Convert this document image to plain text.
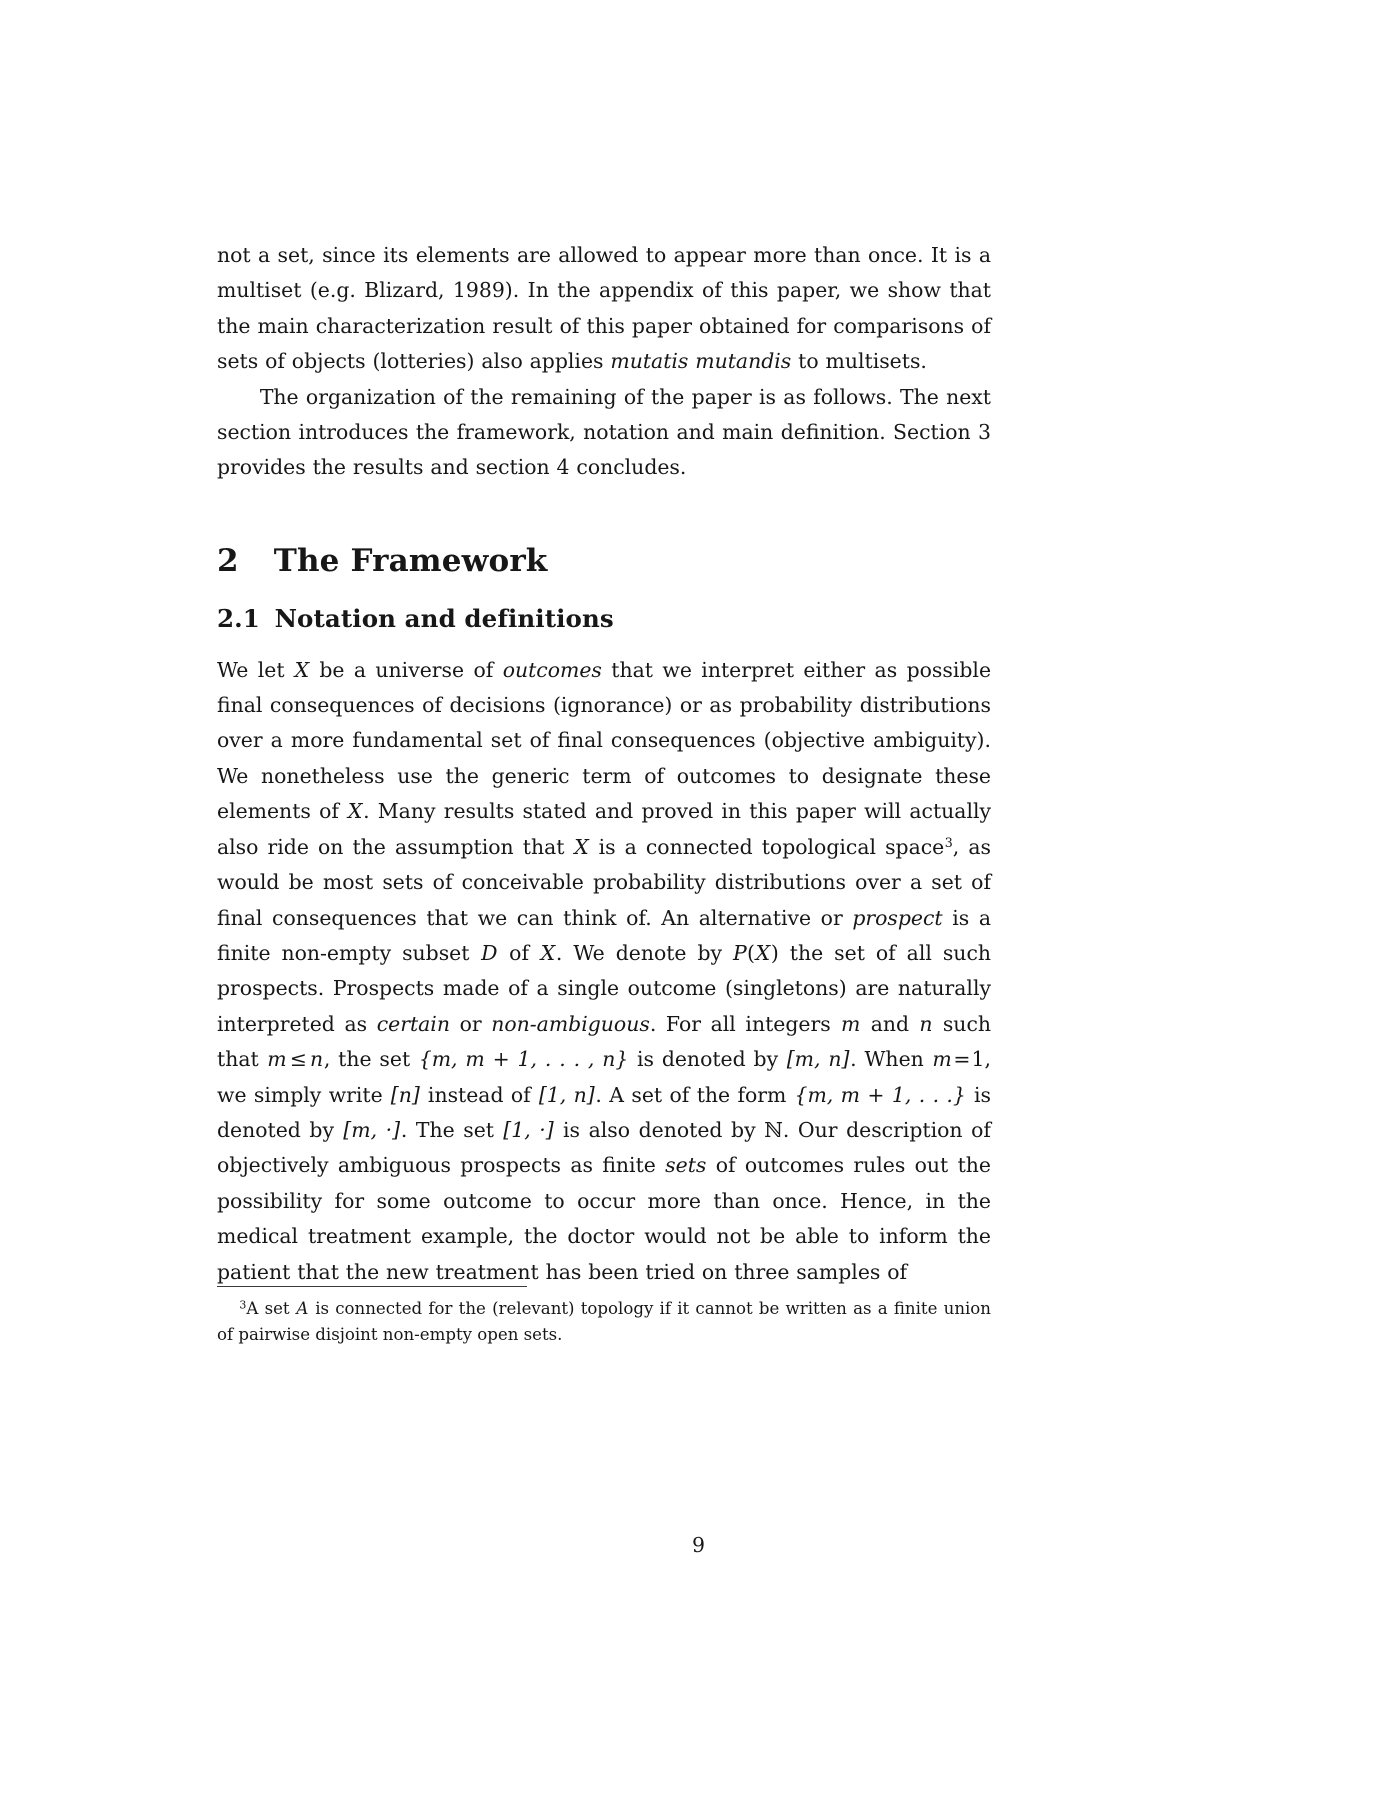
not a set, since its elements are allowed to appear more than once. It is a multiset (e.g. Blizard, 1989). In the appendix of this paper, we show that the main characterization result of this paper obtained for comparisons of sets of objects (lotteries) also applies mutatis mutandis to multisets.

The organization of the remaining of the paper is as follows. The next section introduces the framework, notation and main definition. Section 3 provides the results and section 4 concludes.

2 The Framework
2.1 Notation and definitions

We let X be a universe of outcomes that we interpret either as possible final consequences of decisions (ignorance) or as probability distributions over a more fundamental set of final consequences (objective ambiguity). We nonetheless use the generic term of outcomes to designate these elements of X. Many results stated and proved in this paper will actually also ride on the assumption that X is a connected topological space$^3$, as would be most sets of conceivable probability distributions over a set of final consequences that we can think of. An alternative or prospect is a finite non-empty subset D of X. We denote by P(X) the set of all such prospects. Prospects made of a single outcome (singletons) are naturally interpreted as certain or non-ambiguous. For all integers m and n such that m ≤ n, the set {m, m + 1, . . . , n} is denoted by [m, n]. When m=1, we simply write [n] instead of [1, n]. A set of the form {m, m + 1, . . .} is denoted by [m, ·]. The set [1, ·] is also denoted by ℕ. Our description of objectively ambiguous prospects as finite sets of outcomes rules out the possibility for some outcome to occur more than once. Hence, in the medical treatment example, the doctor would not be able to inform the patient that the new treatment has been tried on three samples of

$^3$A set A is connected for the (relevant) topology if it cannot be written as a finite union of pairwise disjoint non-empty open sets.

9
